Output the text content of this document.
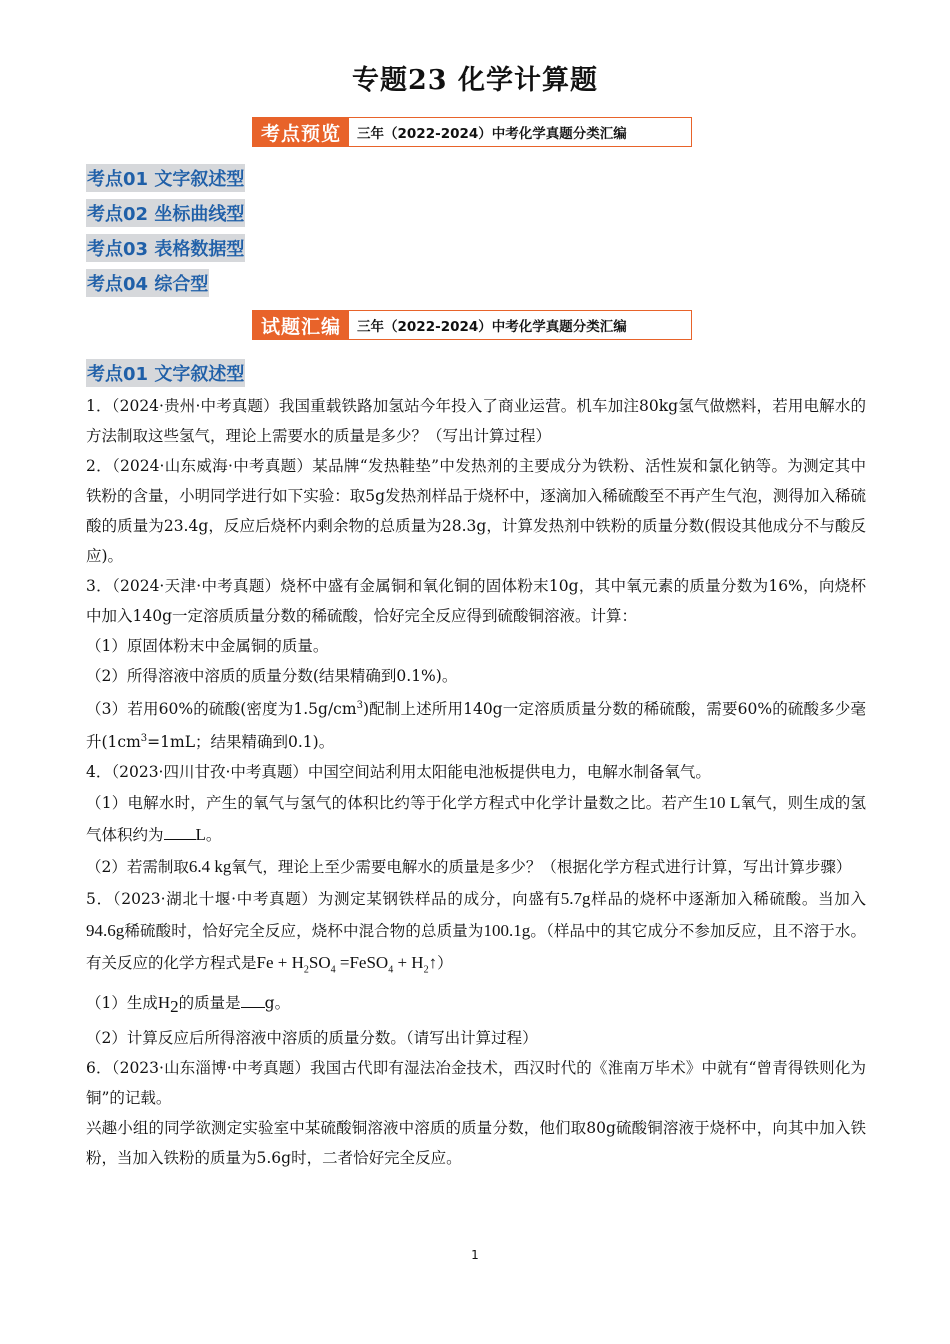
专题23 化学计算题
考点预览	三年（2022-2024）中考化学真题分类汇编
考点01 文字叙述型
考点02 坐标曲线型
考点03 表格数据型
考点04 综合型
试题汇编	三年（2022-2024）中考化学真题分类汇编
考点01 文字叙述型

1．（2024·贵州·中考真题）我国重载铁路加氢站今年投入了商业运营。机车加注80kg氢气做燃料，若用电解水的方法制取这些氢气，理论上需要水的质量是多少？（写出计算过程）

2．（2024·山东威海·中考真题）某品牌“发热鞋垫”中发热剂的主要成分为铁粉、活性炭和氯化钠等。为测定其中铁粉的含量，小明同学进行如下实验：取5g发热剂样品于烧杯中，逐滴加入稀硫酸至不再产生气泡，测得加入稀硫酸的质量为23.4g，反应后烧杯内剩余物的总质量为28.3g，计算发热剂中铁粉的质量分数(假设其他成分不与酸反应)。

3．（2024·天津·中考真题）烧杯中盛有金属铜和氧化铜的固体粉末10g，其中氧元素的质量分数为16%，向烧杯中加入140g一定溶质质量分数的稀硫酸，恰好完全反应得到硫酸铜溶液。计算：

（1）原固体粉末中金属铜的质量。

（2）所得溶液中溶质的质量分数(结果精确到0.1%)。

（3）若用60%的硫酸(密度为$1.5g/cm^3$)配制上述所用140g一定溶质质量分数的稀硫酸，需要60%的硫酸多少毫升($1cm^3=1mL$；结果精确到0.1)。

4．（2023·四川甘孜·中考真题）中国空间站利用太阳能电池板提供电力，电解水制备氧气。

（1）电解水时，产生的氧气与氢气的体积比约等于化学方程式中化学计量数之比。若产生10 L氧气，则生成的氢气体积约为 L。

（2）若需制取6.4 kg氧气，理论上至少需要电解水的质量是多少？（根据化学方程式进行计算，写出计算步骤）

5．（2023·湖北十堰·中考真题）为测定某钢铁样品的成分，向盛有5.7g样品的烧杯中逐渐加入稀硫酸。当加入94.6g稀硫酸时，恰好完全反应，烧杯中混合物的总质量为100.1g。（样品中的其它成分不参加反应，且不溶于水。有关反应的化学方程式是$Fe + H_2SO_4$ =FeSO$_4$ + $H_2↑$）

（1）生成$H_2$的质量是 g。

（2）计算反应后所得溶液中溶质的质量分数。（请写出计算过程）

6．（2023·山东淄博·中考真题）我国古代即有湿法冶金技术，西汉时代的《淮南万毕术》中就有“曾青得铁则化为铜”的记载。

兴趣小组的同学欲测定实验室中某硫酸铜溶液中溶质的质量分数，他们取80g硫酸铜溶液于烧杯中，向其中加入铁粉，当加入铁粉的质量为5.6g时，二者恰好完全反应。

1
